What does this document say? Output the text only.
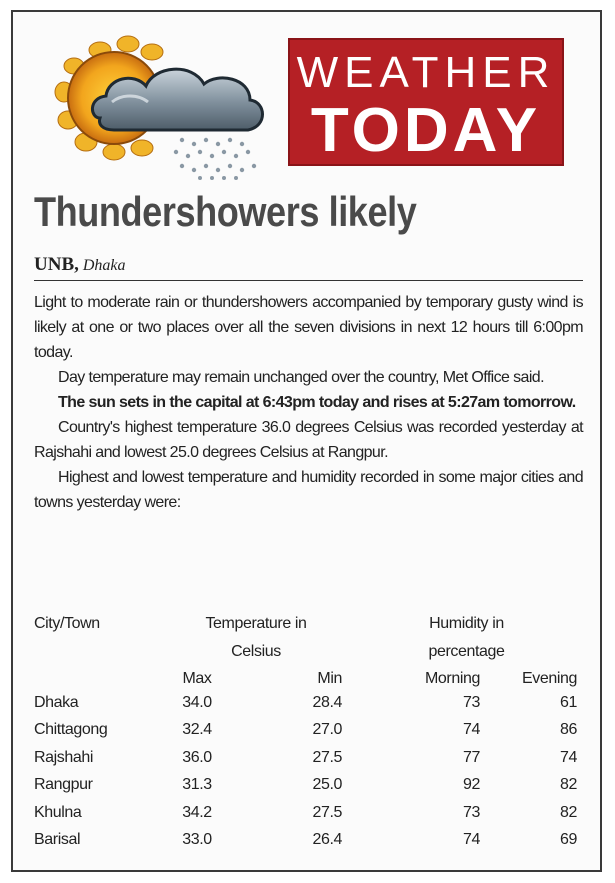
WEATHER
TODAY
Thundershowers likely
UNB, Dhaka

Light to moderate rain or thundershowers accompanied by temporary gusty wind is likely at one or two places over all the seven divisions in next 12 hours till 6:00pm today.

Day temperature may remain unchanged over the country, Met Office said.

The sun sets in the capital at 6:43pm today and rises at 5:27am tomorrow.

Country's highest temperature 36.0 degrees Celsius was recorded yesterday at Rajshahi and lowest 25.0 degrees Celsius at Rangpur.

Highest and lowest temperature and humidity recorded in some major cities and towns yesterday were:

City/Town	Temperature in		Humidity in	
	Celsius		percentage	
	Max	Min	Morning	Evening
Dhaka	34.0	28.4	73	61
Chittagong	32.4	27.0	74	86
Rajshahi	36.0	27.5	77	74
Rangpur	31.3	25.0	92	82
Khulna	34.2	27.5	73	82
Barisal	33.0	26.4	74	69
